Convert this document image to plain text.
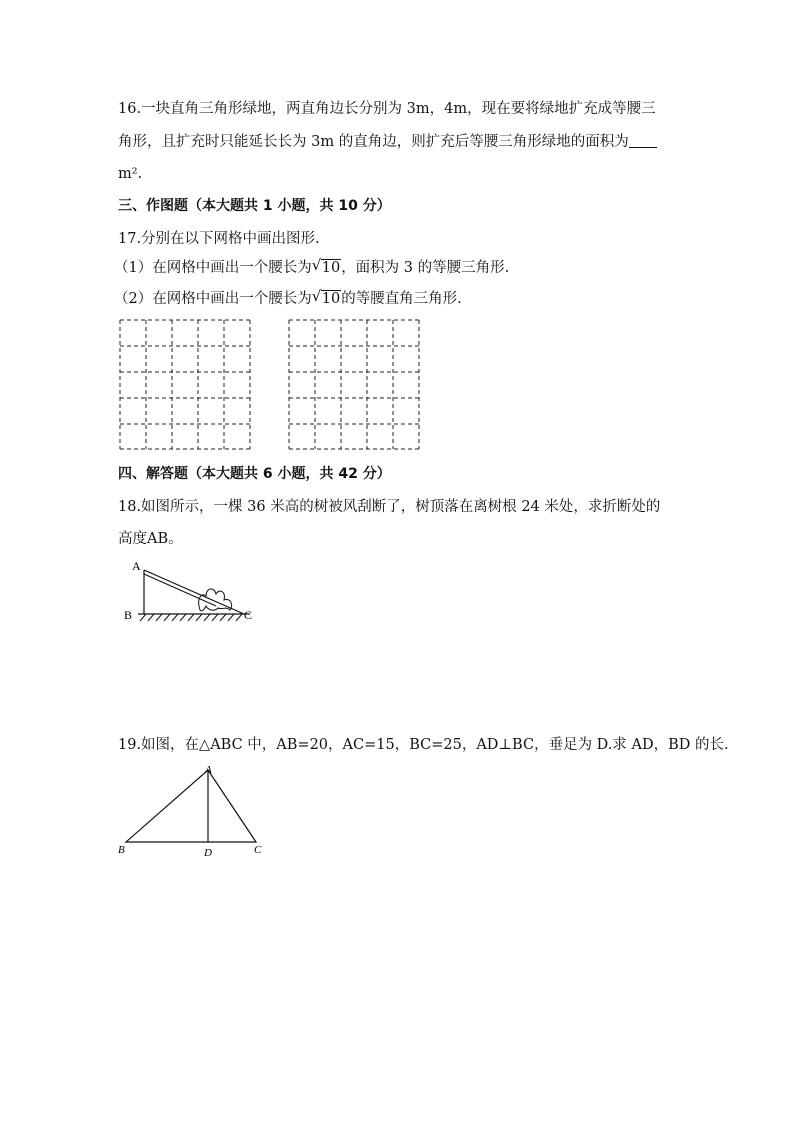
16.一块直角三角形绿地，两直角边长分别为 3m，4m，现在要将绿地扩充成等腰三
角形，且扩充时只能延长长为 3m 的直角边，则扩充后等腰三角形绿地的面积为
m².
三、作图题（本大题共 1 小题，共 10 分）
17.分别在以下网格中画出图形.
（1）在网格中画出一个腰长为 √ 10，面积为 3 的等腰三角形.
（2）在网格中画出一个腰长为 √ 10的等腰直角三角形.
四、解答题（本大题共 6 小题，共 42 分）
18.如图所示，一棵 36 米高的树被风刮断了，树顶落在离树根 24 米处，求折断处的
高度AB。
A
B	C
19.如图，在△ABC 中，AB=20，AC=15，BC=25，AD⊥BC，垂足为 D.求 AD，BD 的长.
A
B	D	C
